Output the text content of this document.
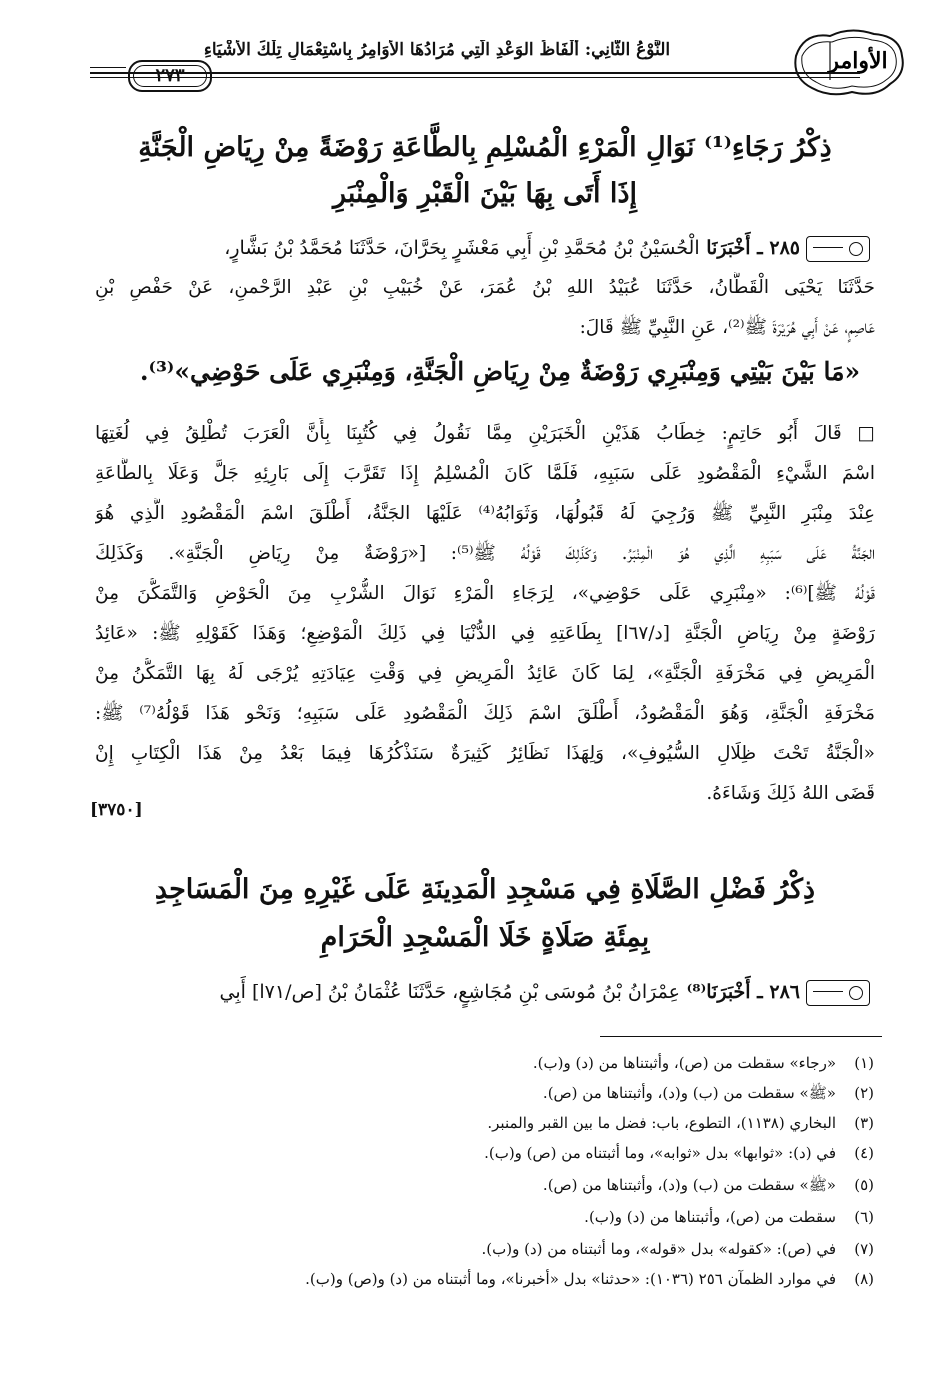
الأوامر
النَّوْعُ الثَّانِي: أَلْفَاظُ الوَعْدِ الَّتِي مُرَادُهَا الأَوَامِرُ بِاسْتِعْمَالِ تِلْكَ الأَشْيَاءِ
٢٧٣
ذِكْرُ رَجَاءِ⁽¹⁾ نَوَالِ الْمَرْءِ الْمُسْلِمِ بِالطَّاعَةِ رَوْضَةً مِنْ رِيَاضِ الْجَنَّةِ
إِذَا أَتَى بِهَا بَيْنَ الْقَبْرِ وَالْمِنْبَرِ
٢٨٥ ـ أَخْبَرَنَا الْحُسَيْنُ بْنُ مُحَمَّدِ بْنِ أَبِي مَعْشَرٍ بِحَرَّانَ، حَدَّثَنَا مُحَمَّدُ بْنُ بَشَّارٍ،
حَدَّثَنَا يَحْيَى الْقَطَّانُ، حَدَّثَنَا عُبَيْدُ اللهِ بْنُ عُمَرَ، عَنْ خُبَيْبِ بْنِ عَبْدِ الرَّحْمنِ، عَنْ حَفْصِ بْنِ
عَاصِمٍ، عَنْ أَبِي هُرَيْرَةَ ﷺ⁽²⁾، عَنِ النَّبِيِّ ﷺ قَالَ:
«مَا بَيْنَ بَيْتِي وَمِنْبَرِي رَوْضَةٌ مِنْ رِيَاضِ الْجَنَّةِ، وَمِنْبَرِي عَلَى حَوْضِي»⁽³⁾.
□ قَالَ أَبُو حَاتِمٍ: خِطَابُ هَذَيْنِ الْخَبَرَيْنِ مِمَّا نَقُولُ فِي كُتُبِنَا بِأَنَّ الْعَرَبَ تُطْلِقُ فِي لُغَتِهَا
اسْمَ الشَّيْءِ الْمَقْصُودِ عَلَى سَبَبِهِ، فَلَمَّا كَانَ الْمُسْلِمُ إِذَا تَقَرَّبَ إِلَى بَارِئِهِ جَلَّ وَعَلَا بِالطَّاعَةِ
عِنْدَ مِنْبَرِ النَّبِيِّ ﷺ وَرُجِيَ لَهُ قَبُولُهَا، وَثَوَابُهُ⁽⁴⁾ عَلَيْهَا الجَنَّةُ، أَطْلَقَ اسْمَ الْمَقْصُودِ الَّذِي هُوَ
الجَنَّةُ عَلَى سَبَبِهِ الَّذِي هُوَ الْمِنْبَرُ. وَكَذَلِكَ قَوْلُهُ ﷺ⁽⁵⁾: [«رَوْضَةٌ مِنْ رِيَاضِ الْجَنَّةِ». وَكَذَلِكَ
قَوْلُهُ ﷺ]⁽⁶⁾: «مِنْبَرِي عَلَى حَوْضِي»، لِرَجَاءِ الْمَرْءِ نَوَالَ الشُّرْبِ مِنَ الْحَوْضِ وَالتَّمَكُّنَ مِنْ
رَوْضَةٍ مِنْ رِيَاضِ الْجَنَّةِ [د/٦٧ا] بِطَاعَتِهِ فِي الدُّنْيَا فِي ذَلِكَ الْمَوْضِعِ؛ وَهَذَا كَقَوْلِهِ ﷺ: «عَائِدُ
الْمَرِيضِ فِي مَخْرَفَةِ الْجَنَّةِ»، لِمَا كَانَ عَائِدُ الْمَرِيضِ فِي وَقْتِ عِيَادَتِهِ يُرْجَى لَهُ بِهَا التَّمَكُّنُ مِنْ
مَخْرَفَةِ الْجَنَّةِ، وَهُوَ الْمَقْصُودُ، أَطْلَقَ اسْمَ ذَلِكَ الْمَقْصُودِ عَلَى سَبَبِهِ؛ وَنَحْو هَذَا قَوْلُهُ⁽⁷⁾ ﷺ:
«الْجَنَّةُ تَحْتَ ظِلَالِ السُّيُوفِ»، وَلِهَذَا نَظَائِرُ كَثِيرَةٌ سَنَذْكُرُهَا فِيمَا بَعْدُ مِنْ هَذَا الْكِتَابِ إِنْ
قَضَى اللهُ ذَلِكَ وَشَاءَهُ.
[٣٧٥٠]
ذِكْرُ فَضْلِ الصَّلَاةِ فِي مَسْجِدِ الْمَدِينَةِ عَلَى غَيْرِهِ مِنَ الْمَسَاجِدِ
بِمِئَةِ صَلَاةٍ خَلَا الْمَسْجِدِ الْحَرَامِ
٢٨٦ ـ أَخْبَرَنَا⁽⁸⁾ عِمْرَانُ بْنُ مُوسَى بْنِ مُجَاشِعٍ، حَدَّثَنَا عُثْمَانُ بْنُ [ص/٧١ا] أَبِي
(١)«رجاء» سقطت من (ص)، وأثبتناها من (د) و(ب).
(٢)«ﷺ» سقطت من (ب) و(د)، وأثبتناها من (ص).
(٣)البخاري (١١٣٨)، التطوع، باب: فضل ما بين القبر والمنبر.
(٤)في (د): «ثوابها» بدل «ثوابه»، وما أثبتناه من (ص) و(ب).
(٥)«ﷺ» سقطت من (ب) و(د)، وأثبتناها من (ص).
(٦)سقطت من (ص)، وأثبتناها من (د) و(ب).
(٧)في (ص): «كقوله» بدل «قوله»، وما أثبتناه من (د) و(ب).
(٨)في موارد الظمآن ٢٥٦ (١٠٣٦): «حدثنا» بدل «أخبرنا»، وما أثبتناه من (د) و(ص) و(ب).
